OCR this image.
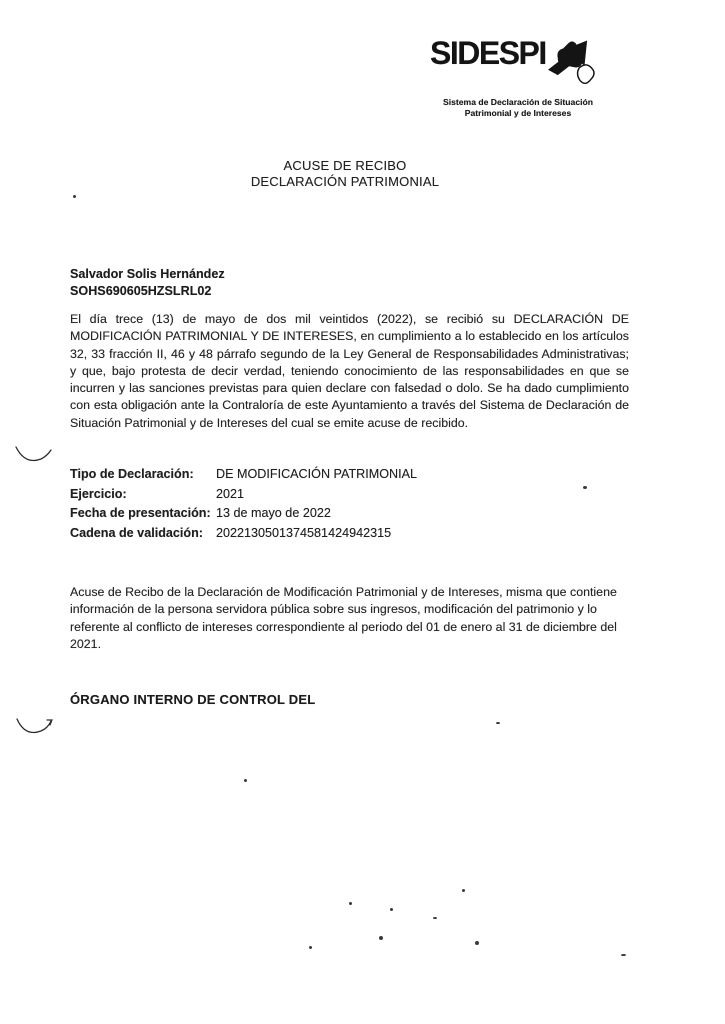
SIDESPI
Sistema de Declaración de Situación
Patrimonial y de Intereses
ACUSE DE RECIBO
DECLARACIÓN PATRIMONIAL
Salvador Solis Hernández
SOHS690605HZSLRL02
El día trece (13) de mayo de dos mil veintidos (2022), se recibió su DECLARACIÓN DE MODIFICACIÓN PATRIMONIAL Y DE INTERESES, en cumplimiento a lo establecido en los artículos 32, 33 fracción II, 46 y 48 párrafo segundo de la Ley General de Responsabilidades Administrativas; y que, bajo protesta de decir verdad, teniendo conocimiento de las responsabilidades en que se incurren y las sanciones previstas para quien declare con falsedad o dolo. Se ha dado cumplimiento con esta obligación ante la Contraloría de este Ayuntamiento a través del Sistema de Declaración de Situación Patrimonial y de Intereses del cual se emite acuse de recibido.
Tipo de Declaración:	DE MODIFICACIÓN PATRIMONIAL
Ejercicio:	2021
Fecha de presentación: 13 de mayo de 2022
Cadena de validación:	2022130501374581424942315
Acuse de Recibo de la Declaración de Modificación Patrimonial y de Intereses, misma que contiene información de la persona servidora pública sobre sus ingresos, modificación del patrimonio y lo referente al conflicto de intereses correspondiente al periodo del 01 de enero al 31 de diciembre del 2021.
ÓRGANO INTERNO DE CONTROL DEL
